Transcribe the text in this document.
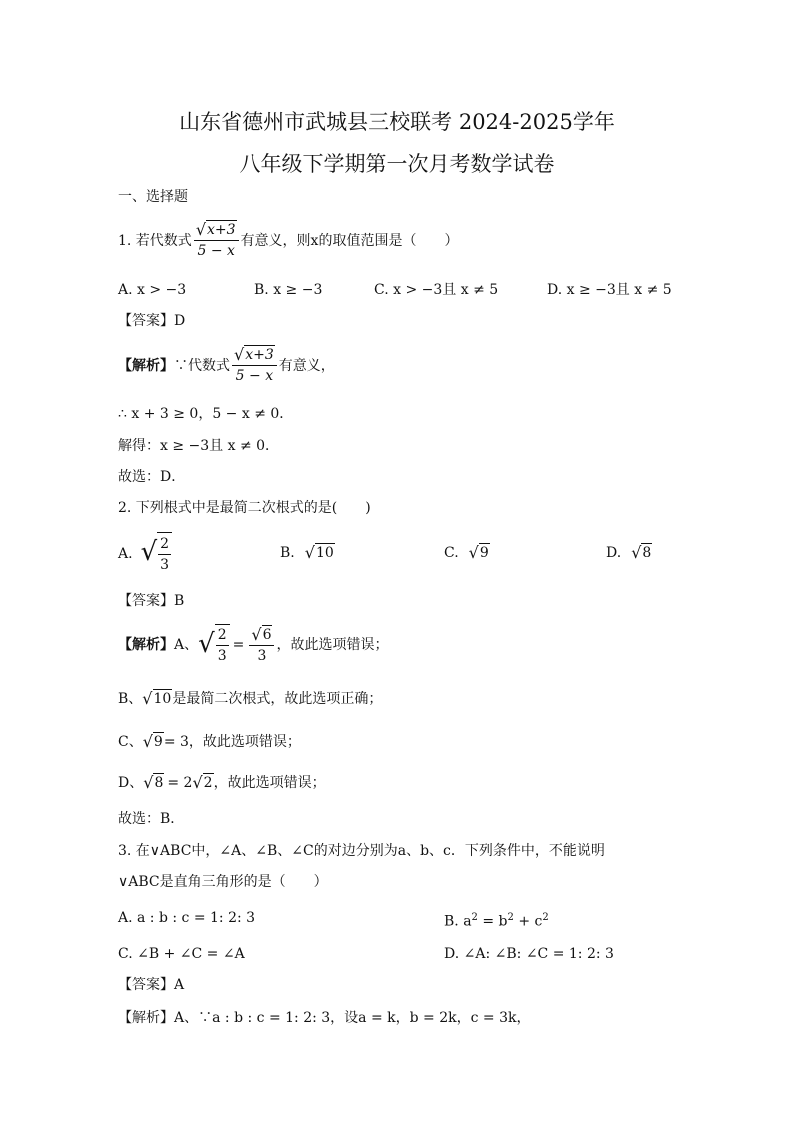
山东省德州市武城县三校联考 2024-2025学年
八年级下学期第一次月考数学试卷
一、选择题
1. 若代数式 $\frac{√ x+3}{5 - x}$ 有意义，则x的取值范围是（　　）
A. x > −3	B. x ≥ −3	C. x > −3且 x ≠ 5	D. x ≥ −3且 x ≠ 5
【答案】D
【解析】 ∵代数式 $\frac{√ x+3}{5 - x}$ 有意义，
∴ x + 3 ≥ 0，5 − x ≠ 0．
解得：x ≥ −3且 x ≠ 0．
故选：D．
2. 下列根式中是最简二次根式的是(　　)
A. √ $\frac{2}{3}$	B. √ 10	C. √ 9	D. √ 8
【答案】B
【解析】 A、 √ $\frac{2}{3} = \frac{√ 6}{3}$ ，故此选项错误；
B、 √ 10 是最简二次根式，故此选项正确；
C、 √ 9 = 3，故此选项错误；
D、 √ 8 = 2 √ 2 ，故此选项错误；
故选：B．
3. 在∨ABC中，∠A、∠B、∠C的对边分别为a、b、c．下列条件中，不能说明
∨ABC是直角三角形的是（　　）
A. a : b : c = 1: 2: 3	B. $a^2 = b^2 + c^2$
C. ∠B + ∠C = ∠A	D. ∠A: ∠B: ∠C = 1: 2: 3
【答案】A
【解析】A、∵a : b : c = 1: 2: 3，设a = k，b = 2k，c = 3k，
